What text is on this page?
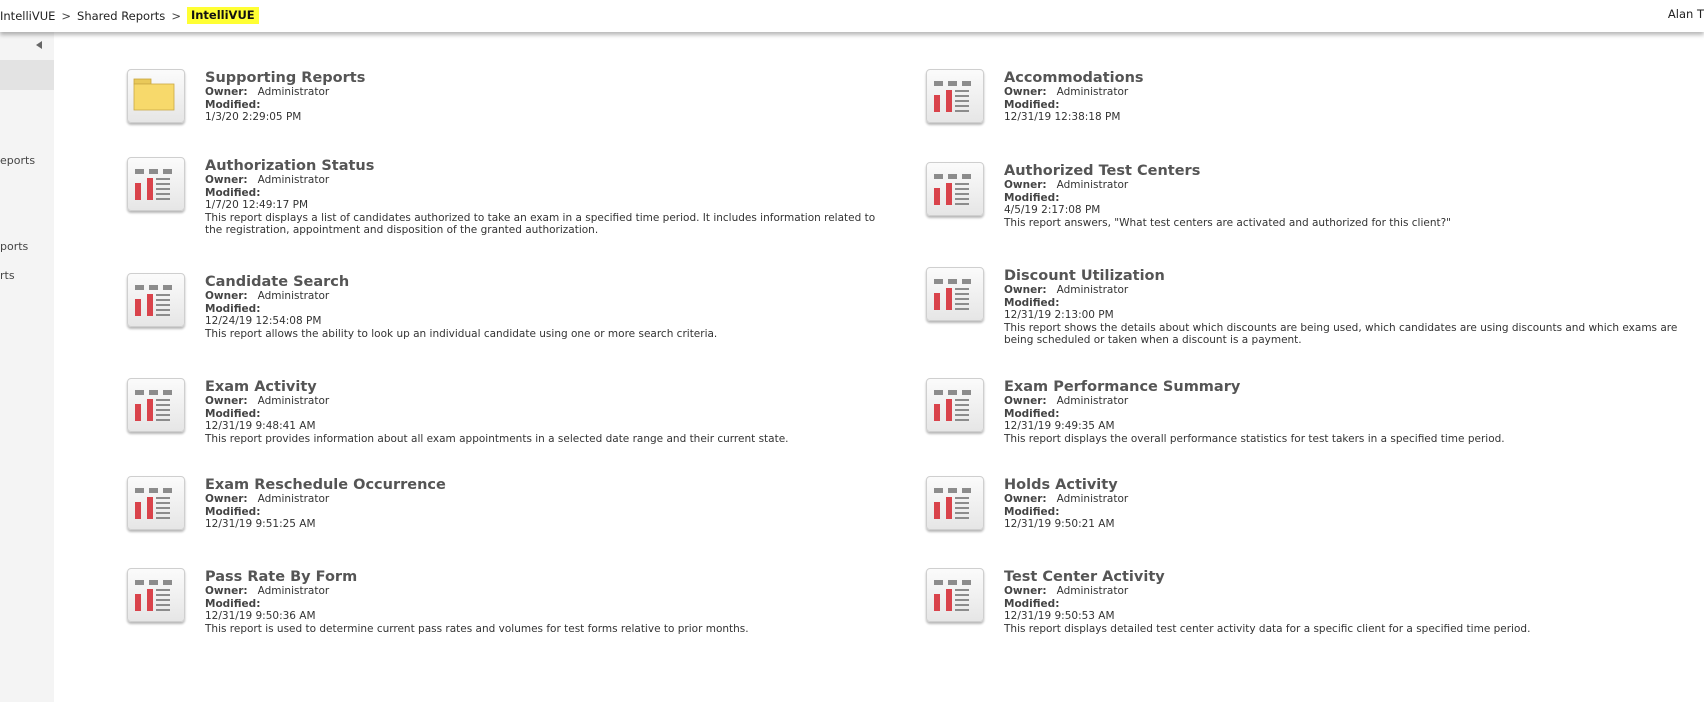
IntelliVUE > Shared Reports > IntelliVUE	Alan T
eports
ports
rts
Supporting Reports
Owner: Administrator
Modified:
1/3/20 2:29:05 PM
Accommodations
Owner: Administrator
Modified:
12/31/19 12:38:18 PM
Authorization Status
Owner: Administrator
Modified:
1/7/20 12:49:17 PM
This report displays a list of candidates authorized to take an exam in a specified time period. It includes information related to the registration, appointment and disposition of the granted authorization.
Authorized Test Centers
Owner: Administrator
Modified:
4/5/19 2:17:08 PM
This report answers, "What test centers are activated and authorized for this client?"
Candidate Search
Owner: Administrator
Modified:
12/24/19 12:54:08 PM
This report allows the ability to look up an individual candidate using one or more search criteria.
Discount Utilization
Owner: Administrator
Modified:
12/31/19 2:13:00 PM
This report shows the details about which discounts are being used, which candidates are using discounts and which exams are being scheduled or taken when a discount is a payment.
Exam Activity
Owner: Administrator
Modified:
12/31/19 9:48:41 AM
This report provides information about all exam appointments in a selected date range and their current state.
Exam Performance Summary
Owner: Administrator
Modified:
12/31/19 9:49:35 AM
This report displays the overall performance statistics for test takers in a specified time period.
Exam Reschedule Occurrence
Owner: Administrator
Modified:
12/31/19 9:51:25 AM
Holds Activity
Owner: Administrator
Modified:
12/31/19 9:50:21 AM
Pass Rate By Form
Owner: Administrator
Modified:
12/31/19 9:50:36 AM
This report is used to determine current pass rates and volumes for test forms relative to prior months.
Test Center Activity
Owner: Administrator
Modified:
12/31/19 9:50:53 AM
This report displays detailed test center activity data for a specific client for a specified time period.
